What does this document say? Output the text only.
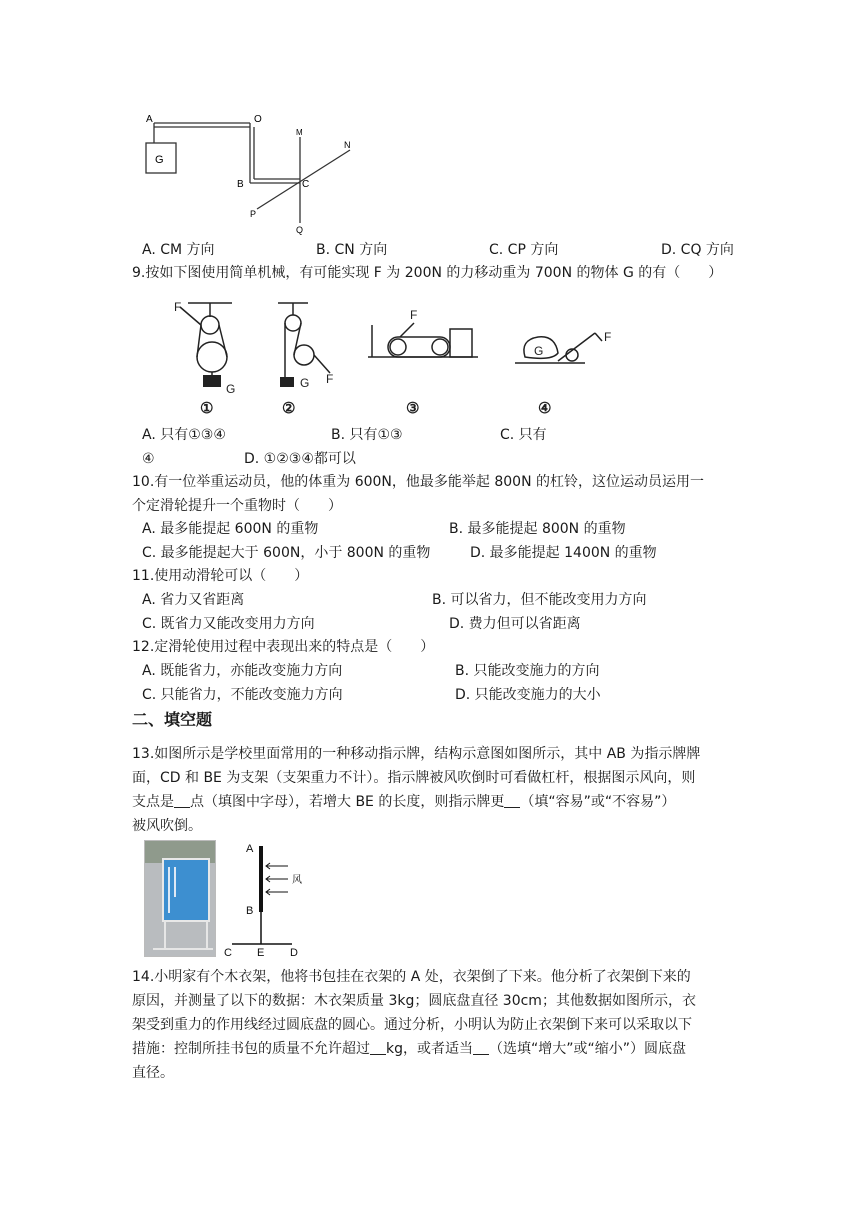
A	O
G
B	C
M
N
P
Q
A. CM 方向	B. CN 方向	C. CP 方向	D. CQ 方向
9.按如下图使用简单机械，有可能实现 F 为 200N 的力移动重为 700N 的物体 G 的有（　　）
F
G	G F
F
G
F
①	②	③	④
A. 只有①③④	B. 只有①③	C. 只有
④	D. ①②③④都可以
10.有一位举重运动员，他的体重为 600N，他最多能举起 800N 的杠铃，这位运动员运用一
个定滑轮提升一个重物时（　　）
A. 最多能提起 600N 的重物	B. 最多能提起 800N 的重物
C. 最多能提起大于 600N，小于 800N 的重物	D. 最多能提起 1400N 的重物
11.使用动滑轮可以（　　）
A. 省力又省距离	B. 可以省力，但不能改变用力方向
C. 既省力又能改变用力方向	D. 费力但可以省距离
12.定滑轮使用过程中表现出来的特点是（　　）
A. 既能省力，亦能改变施力方向	B. 只能改变施力的方向
C. 只能省力，不能改变施力方向	D. 只能改变施力的大小
二、填空题
13.如图所示是学校里面常用的一种移动指示牌，结构示意图如图所示，其中 AB 为指示牌牌
面，CD 和 BE 为支架（支架重力不计）。指示牌被风吹倒时可看做杠杆，根据图示风向，则
支点是 点（填图中字母），若增大 BE 的长度，则指示牌更 （填“容易”或“不容易”）
被风吹倒。
A
B
C E D
风
14.小明家有个木衣架，他将书包挂在衣架的 A 处，衣架倒了下来。他分析了衣架倒下来的
原因，并测量了以下的数据：木衣架质量 3kg；圆底盘直径 30cm；其他数据如图所示，衣
架受到重力的作用线经过圆底盘的圆心。通过分析，小明认为防止衣架倒下来可以采取以下
措施：控制所挂书包的质量不允许超过 kg，或者适当 （选填“增大”或“缩小”）圆底盘
直径。
